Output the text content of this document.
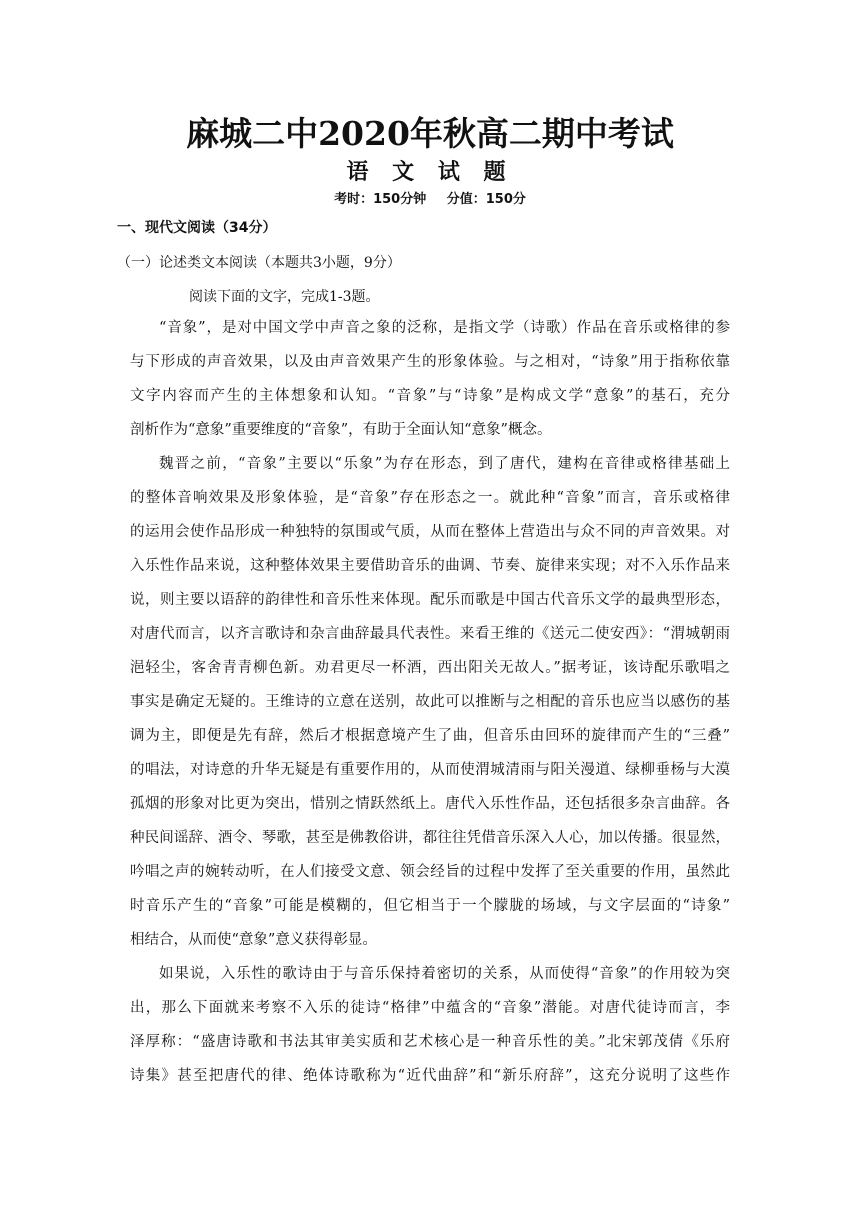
麻城二中2020年秋高二期中考试
语 文 试 题
考时：150分钟 分值：150分
一、现代文阅读（34分）
（一）论述类文本阅读（本题共3小题，9分）
阅读下面的文字，完成1-3题。
“音象”，是对中国文学中声音之象的泛称，是指文学（诗歌）作品在音乐或格律的参
与下形成的声音效果，以及由声音效果产生的形象体验。与之相对，“诗象”用于指称依靠
文字内容而产生的主体想象和认知。“音象”与“诗象”是构成文学“意象”的基石，充分
剖析作为“意象”重要维度的“音象”，有助于全面认知“意象”概念。
魏晋之前，“音象”主要以“乐象”为存在形态，到了唐代，建构在音律或格律基础上
的整体音响效果及形象体验，是“音象”存在形态之一。就此种“音象”而言，音乐或格律
的运用会使作品形成一种独特的氛围或气质，从而在整体上营造出与众不同的声音效果。对
入乐性作品来说，这种整体效果主要借助音乐的曲调、节奏、旋律来实现；对不入乐作品来
说，则主要以语辞的韵律性和音乐性来体现。配乐而歌是中国古代音乐文学的最典型形态，
对唐代而言，以齐言歌诗和杂言曲辞最具代表性。来看王维的《送元二使安西》：“渭城朝雨
浥轻尘，客舍青青柳色新。劝君更尽一杯酒，西出阳关无故人。”据考证，该诗配乐歌唱之
事实是确定无疑的。王维诗的立意在送别，故此可以推断与之相配的音乐也应当以感伤的基
调为主，即便是先有辞，然后才根据意境产生了曲，但音乐由回环的旋律而产生的“三叠”
的唱法，对诗意的升华无疑是有重要作用的，从而使渭城清雨与阳关漫道、绿柳垂杨与大漠
孤烟的形象对比更为突出，惜别之情跃然纸上。唐代入乐性作品，还包括很多杂言曲辞。各
种民间谣辞、酒令、琴歌，甚至是佛教俗讲，都往往凭借音乐深入人心，加以传播。很显然，
吟唱之声的婉转动听，在人们接受文意、领会经旨的过程中发挥了至关重要的作用，虽然此
时音乐产生的“音象”可能是模糊的，但它相当于一个朦胧的场域，与文字层面的“诗象”
相结合，从而使“意象”意义获得彰显。
如果说，入乐性的歌诗由于与音乐保持着密切的关系，从而使得“音象”的作用较为突
出，那么下面就来考察不入乐的徒诗“格律”中蕴含的“音象”潜能。对唐代徒诗而言，李
泽厚称：“盛唐诗歌和书法其审美实质和艺术核心是一种音乐性的美。”北宋郭茂倩《乐府
诗集》甚至把唐代的律、绝体诗歌称为“近代曲辞”和“新乐府辞”，这充分说明了这些作
